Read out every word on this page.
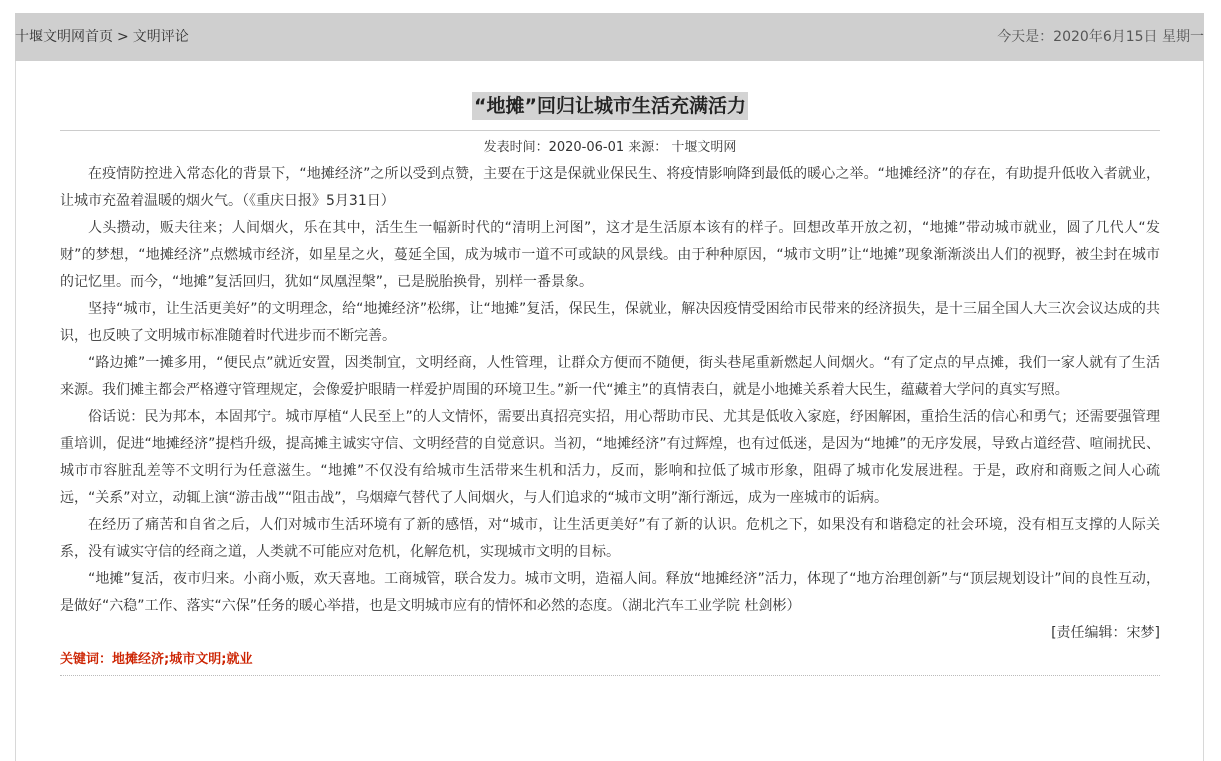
十堰文明网首页 > 文明评论	今天是：2020年6月15日 星期一
“地摊”回归让城市生活充满活力
发表时间：2020-06-01 来源： 十堰文明网

在疫情防控进入常态化的背景下，“地摊经济”之所以受到点赞，主要在于这是保就业保民生、将疫情影响降到最低的暖心之举。“地摊经济”的存在，有助提升低收入者就业，让城市充盈着温暖的烟火气。（《重庆日报》5月31日）

人头攒动，贩夫往来；人间烟火，乐在其中，活生生一幅新时代的“清明上河图”，这才是生活原本该有的样子。回想改革开放之初，“地摊”带动城市就业，圆了几代人“发财”的梦想，“地摊经济”点燃城市经济，如星星之火，蔓延全国，成为城市一道不可或缺的风景线。由于种种原因，“城市文明”让“地摊”现象渐渐淡出人们的视野，被尘封在城市的记忆里。而今，“地摊”复活回归，犹如“凤凰涅槃”，已是脱胎换骨，别样一番景象。

坚持“城市，让生活更美好”的文明理念，给“地摊经济”松绑，让“地摊”复活，保民生，保就业，解决因疫情受困给市民带来的经济损失，是十三届全国人大三次会议达成的共识，也反映了文明城市标准随着时代进步而不断完善。

“路边摊”一摊多用，“便民点”就近安置，因类制宜，文明经商，人性管理，让群众方便而不随便，街头巷尾重新燃起人间烟火。“有了定点的早点摊，我们一家人就有了生活来源。我们摊主都会严格遵守管理规定，会像爱护眼睛一样爱护周围的环境卫生。”新一代“摊主”的真情表白，就是小地摊关系着大民生，蕴藏着大学问的真实写照。

俗话说：民为邦本，本固邦宁。城市厚植“人民至上”的人文情怀，需要出真招亮实招，用心帮助市民、尤其是低收入家庭，纾困解困，重拾生活的信心和勇气；还需要强管理重培训，促进“地摊经济”提档升级，提高摊主诚实守信、文明经营的自觉意识。当初，“地摊经济”有过辉煌，也有过低迷，是因为“地摊”的无序发展，导致占道经营、喧闹扰民、城市市容脏乱差等不文明行为任意滋生。“地摊”不仅没有给城市生活带来生机和活力，反而，影响和拉低了城市形象，阻碍了城市化发展进程。于是，政府和商贩之间人心疏远，“关系”对立，动辄上演“游击战”“阻击战”，乌烟瘴气替代了人间烟火，与人们追求的“城市文明”渐行渐远，成为一座城市的诟病。

在经历了痛苦和自省之后，人们对城市生活环境有了新的感悟，对“城市，让生活更美好”有了新的认识。危机之下，如果没有和谐稳定的社会环境，没有相互支撑的人际关系，没有诚实守信的经商之道，人类就不可能应对危机，化解危机，实现城市文明的目标。

“地摊”复活，夜市归来。小商小贩，欢天喜地。工商城管，联合发力。城市文明，造福人间。释放“地摊经济”活力，体现了“地方治理创新”与“顶层规划设计”间的良性互动，是做好“六稳”工作、落实“六保”任务的暖心举措，也是文明城市应有的情怀和必然的态度。（湖北汽车工业学院 杜剑彬）

[责任编辑：宋梦]
关键词：地摊经济;城市文明;就业
